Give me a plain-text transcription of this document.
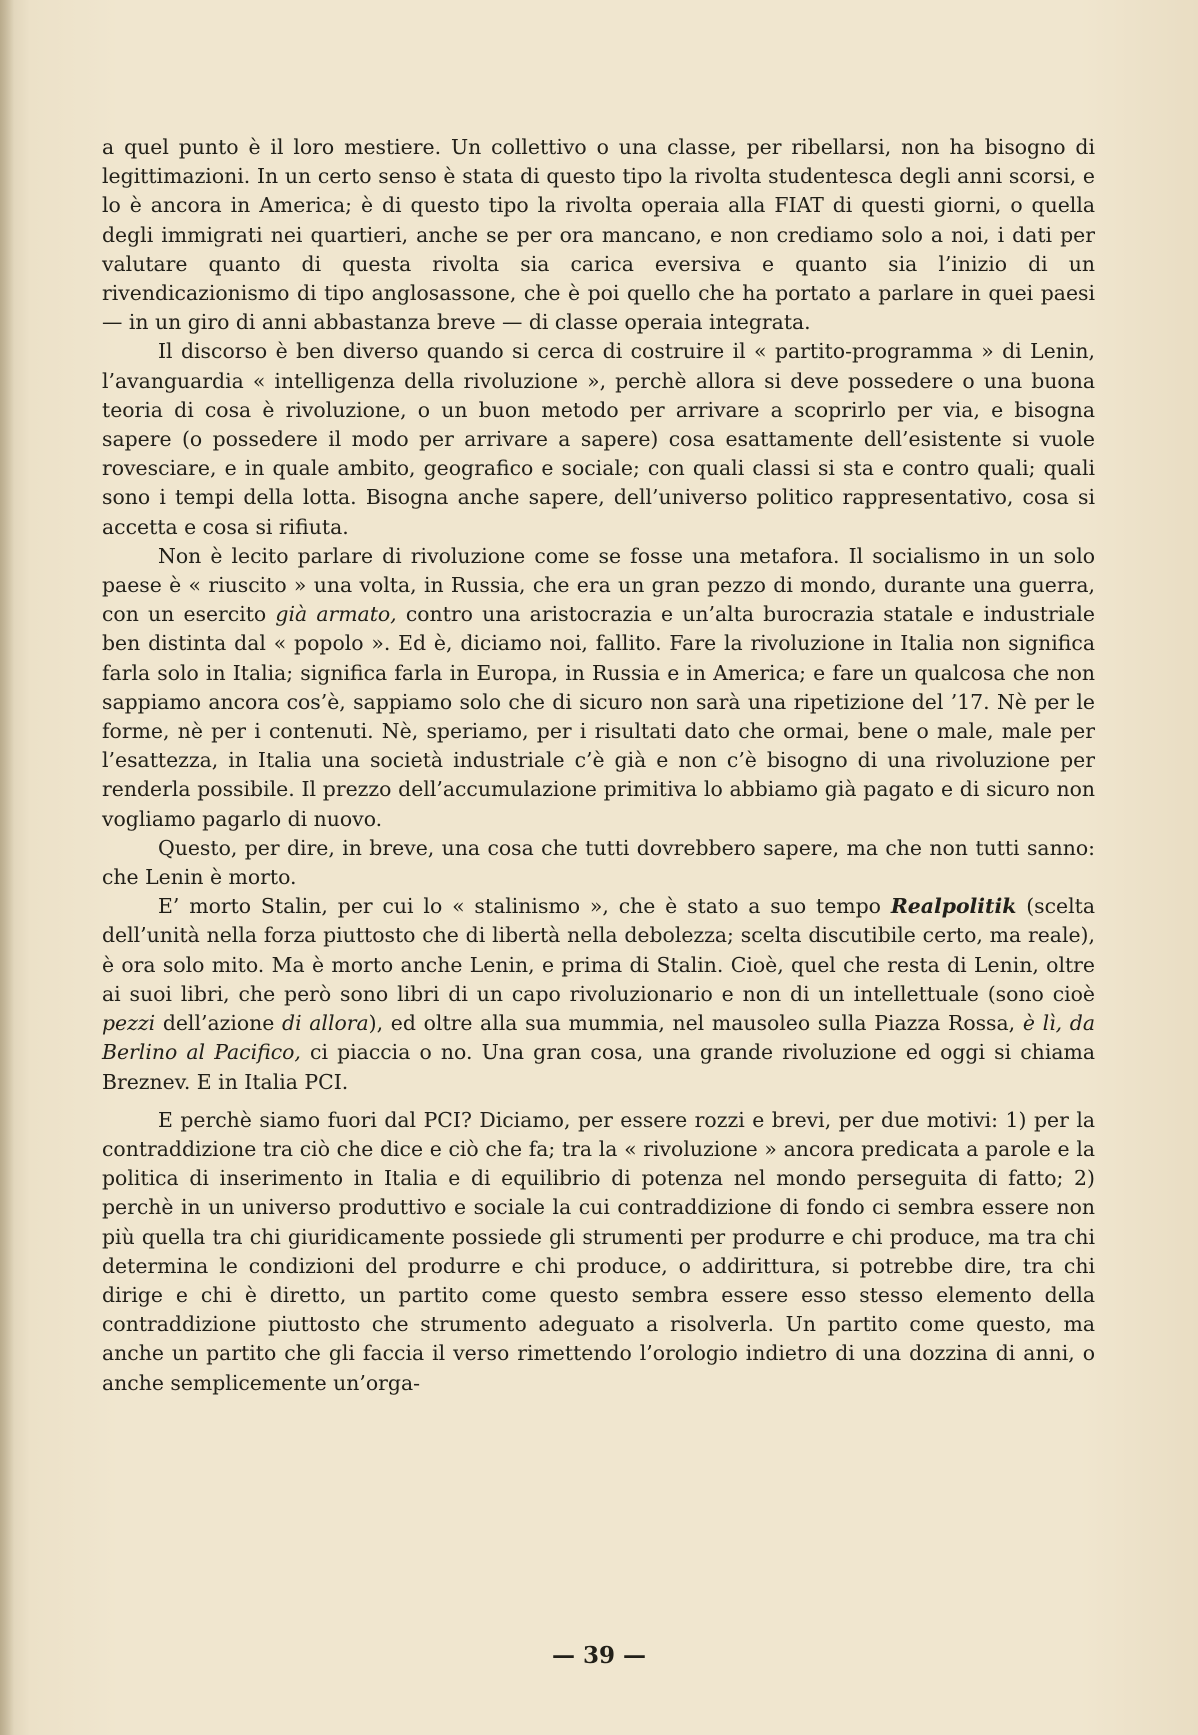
a quel punto è il loro mestiere. Un collettivo o una classe, per ribellarsi, non ha bisogno di legittimazioni. In un certo senso è stata di questo tipo la rivolta studentesca degli anni scorsi, e lo è ancora in America; è di questo tipo la rivolta operaia alla FIAT di questi giorni, o quella degli immigrati nei quartieri, anche se per ora mancano, e non crediamo solo a noi, i dati per valutare quanto di questa rivolta sia carica eversiva e quanto sia l’inizio di un rivendicazionismo di tipo anglosassone, che è poi quello che ha portato a parlare in quei paesi — in un giro di anni abbastanza breve — di classe operaia integrata.

Il discorso è ben diverso quando si cerca di costruire il « partito-programma » di Lenin, l’avanguardia « intelligenza della rivoluzione », perchè allora si deve possedere o una buona teoria di cosa è rivoluzione, o un buon metodo per arrivare a scoprirlo per via, e bisogna sapere (o possedere il modo per arrivare a sapere) cosa esattamente dell’esistente si vuole rovesciare, e in quale ambito, geografico e sociale; con quali classi si sta e contro quali; quali sono i tempi della lotta. Bisogna anche sapere, dell’universo politico rappresentativo, cosa si accetta e cosa si rifiuta.

Non è lecito parlare di rivoluzione come se fosse una metafora. Il socialismo in un solo paese è « riuscito » una volta, in Russia, che era un gran pezzo di mondo, durante una guerra, con un esercito già armato, contro una aristocrazia e un’alta burocrazia statale e industriale ben distinta dal « popolo ». Ed è, diciamo noi, fallito. Fare la rivoluzione in Italia non significa farla solo in Italia; significa farla in Europa, in Russia e in America; e fare un qualcosa che non sappiamo ancora cos’è, sappiamo solo che di sicuro non sarà una ripetizione del ’17. Nè per le forme, nè per i contenuti. Nè, speriamo, per i risultati dato che ormai, bene o male, male per l’esattezza, in Italia una società industriale c’è già e non c’è bisogno di una rivoluzione per renderla possibile. Il prezzo dell’accumulazione primitiva lo abbiamo già pagato e di sicuro non vogliamo pagarlo di nuovo.

Questo, per dire, in breve, una cosa che tutti dovrebbero sapere, ma che non tutti sanno: che Lenin è morto.

E’ morto Stalin, per cui lo « stalinismo », che è stato a suo tempo Realpolitik (scelta dell’unità nella forza piuttosto che di libertà nella debolezza; scelta discutibile certo, ma reale), è ora solo mito. Ma è morto anche Lenin, e prima di Stalin. Cioè, quel che resta di Lenin, oltre ai suoi libri, che però sono libri di un capo rivoluzionario e non di un intellettuale (sono cioè pezzi dell’azione di allora), ed oltre alla sua mummia, nel mausoleo sulla Piazza Rossa, è lì, da Berlino al Pacifico, ci piaccia o no. Una gran cosa, una grande rivoluzione ed oggi si chiama Breznev. E in Italia PCI.

E perchè siamo fuori dal PCI? Diciamo, per essere rozzi e brevi, per due motivi: 1) per la contraddizione tra ciò che dice e ciò che fa; tra la « rivoluzione » ancora predicata a parole e la politica di inserimento in Italia e di equilibrio di potenza nel mondo perseguita di fatto; 2) perchè in un universo produttivo e sociale la cui contraddizione di fondo ci sembra essere non più quella tra chi giuridicamente possiede gli strumenti per produrre e chi produce, ma tra chi determina le condizioni del produrre e chi produce, o addirittura, si potrebbe dire, tra chi dirige e chi è diretto, un partito come questo sembra essere esso stesso elemento della contraddizione piuttosto che strumento adeguato a risolverla. Un partito come questo, ma anche un partito che gli faccia il verso rimettendo l’orologio indietro di una dozzina di anni, o anche semplicemente un’orga-

— 39 —
